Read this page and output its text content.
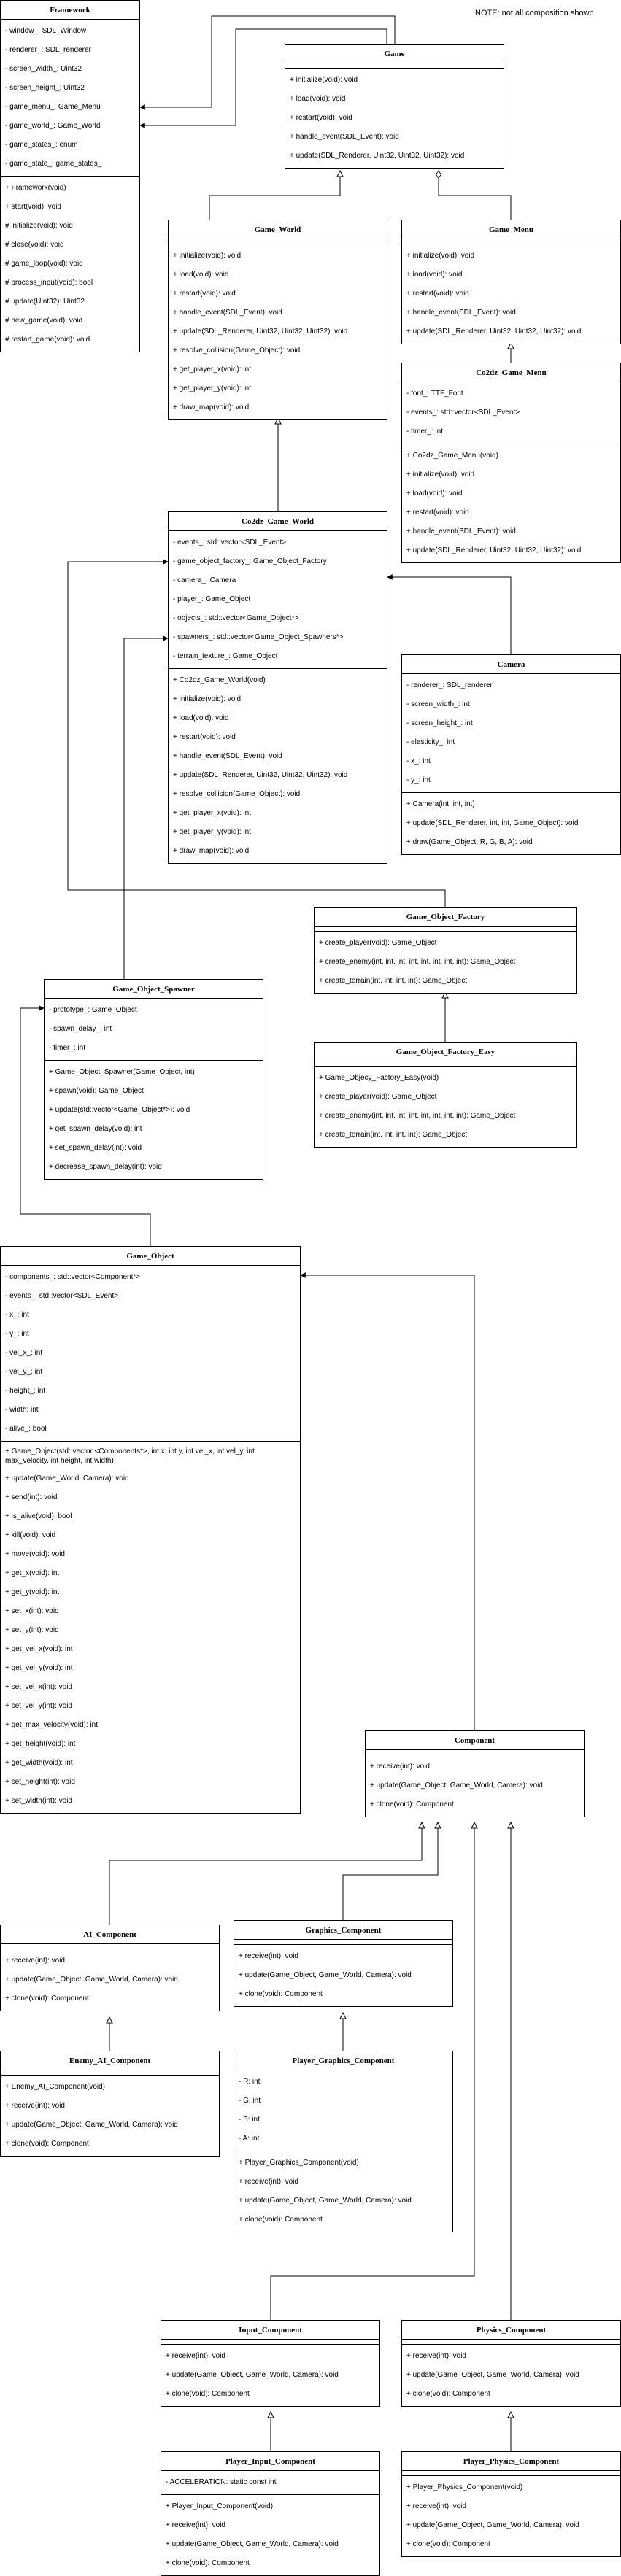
NOTE: not all composition shown
Framework
- window_: SDL_Window
- renderer_: SDL_renderer
- screen_width_: Uint32
- screen_height_: Uint32
- game_menu_: Game_Menu
- game_world_: Game_World
- game_states_: enum
- game_state_: game_states_
+ Framework(void)
+ start(void): void
# initialize(void): void
# close(void): void
# game_loop(void): void
# process_input(void): bool
# update(Uint32): Uint32
# new_game(void): void
# restart_game(void): void
Game
+ initialize(void): void
+ load(void): void
+ restart(void): void
+ handle_event(SDL_Event): void
+ update(SDL_Renderer, Uint32, Uint32, Uint32): void
Game_World
+ initialize(void): void
+ load(void): void
+ restart(void): void
+ handle_event(SDL_Event): void
+ update(SDL_Renderer, Uint32, Uint32, Uint32): void
+ resolve_collision(Game_Object): void
+ get_player_x(void): int
+ get_player_y(void): int
+ draw_map(void): void
Game_Menu
+ initialize(void): void
+ load(void): void
+ restart(void): void
+ handle_event(SDL_Event): void
+ update(SDL_Renderer, Uint32, Uint32, Uint32): void
Co2dz_Game_Menu
- font_: TTF_Font
- events_: std::vector<SDL_Event>
- timer_: int
+ Co2dz_Game_Menu(void)
+ initialize(void): void
+ load(void): void
+ restart(void): void
+ handle_event(SDL_Event): void
+ update(SDL_Renderer, Uint32, Uint32, Uint32): void
Co2dz_Game_World
- events_: std::vector<SDL_Event>
- game_object_factory_: Game_Object_Factory
- camera_: Camera
- player_: Game_Object
- objects_: std::vector<Game_Object*>
- spawners_: std::vector<Game_Object_Spawners*>
- terrain_texture_: Game_Object
+ Co2dz_Game_World(void)
+ initialize(void): void
+ load(void): void
+ restart(void): void
+ handle_event(SDL_Event): void
+ update(SDL_Renderer, Uint32, Uint32, Uint32): void
+ resolve_collision(Game_Object): void
+ get_player_x(void): int
+ get_player_y(void): int
+ draw_map(void): void
Camera
- renderer_: SDL_renderer
- screen_width_: int
- screen_height_: int
- elasticity_: int
- x_: int
- y_: int
+ Camera(int, int, int)
+ update(SDL_Renderer, int, int, Game_Object): void
+ draw(Game_Object, R, G, B, A): void
Game_Object_Factory
+ create_player(void): Game_Object
+ create_enemy(int, int, int, int, int, int, int, int): Game_Object
+ create_terrain(int, int, int, int): Game_Object
Game_Object_Factory_Easy
+ Game_Objecy_Factory_Easy(void)
+ create_player(void): Game_Object
+ create_enemy(int, int, int, int, int, int, int, int): Game_Object
+ create_terrain(int, int, int, int): Game_Object
Game_Object_Spawner
- prototype_: Game_Object
- spawn_delay_: int
- timer_: int
+ Game_Object_Spawner(Game_Object, int)
+ spawn(void): Game_Object
+ update(std::vector<Game_Object*>): void
+ get_spawn_delay(void): int
+ set_spawn_delay(int): void
+ decrease_spawn_delay(int): void
Game_Object
- components_: std::vector<Component*>
- events_: std::vector<SDL_Event>
- x_: int
- y_: int
- vel_x_: int
- vel_y_: int
- height_: int
- width: int
- alive_: bool
+ Game_Object(std::vector <Components*>, int x, int y, int vel_x, int vel_y, int max_velocity, int height, int width)
+ update(Game_World, Camera): void
+ send(int): void
+ is_alive(void): bool
+ kill(void): void
+ move(void): void
+ get_x(void): int
+ get_y(void): int
+ set_x(int): void
+ set_y(int): void
+ get_vel_x(void): int
+ get_vel_y(void): int
+ set_vel_x(int): void
+ set_vel_y(int): void
+ get_max_velocity(void): int
+ get_height(void): int
+ get_width(void): int
+ set_height(int): void
+ set_width(int): void
Component
+ receive(int): void
+ update(Game_Object, Game_World, Camera): void
+ clone(void): Component
AI_Component
+ receive(int): void
+ update(Game_Object, Game_World, Camera): void
+ clone(void): Component
Graphics_Component
+ receive(int): void
+ update(Game_Object, Game_World, Camera): void
+ clone(void): Component
Enemy_AI_Component
+ Enemy_AI_Component(void)
+ receive(int): void
+ update(Game_Object, Game_World, Camera): void
+ clone(void): Component
Player_Graphics_Component
- R: int
- G: int
- B: int
- A: int
+ Player_Graphics_Component(void)
+ receive(int): void
+ update(Game_Object, Game_World, Camera): void
+ clone(void): Component
Input_Component
+ receive(int): void
+ update(Game_Object, Game_World, Camera): void
+ clone(void): Component
Physics_Component
+ receive(int): void
+ update(Game_Object, Game_World, Camera): void
+ clone(void): Component
Player_Input_Component
- ACCELERATION: static const int
+ Player_Input_Component(void)
+ receive(int): void
+ update(Game_Object, Game_World, Camera): void
+ clone(void): Component
Player_Physics_Component
+ Player_Physics_Component(void)
+ receive(int): void
+ update(Game_Object, Game_World, Camera): void
+ clone(void): Component
